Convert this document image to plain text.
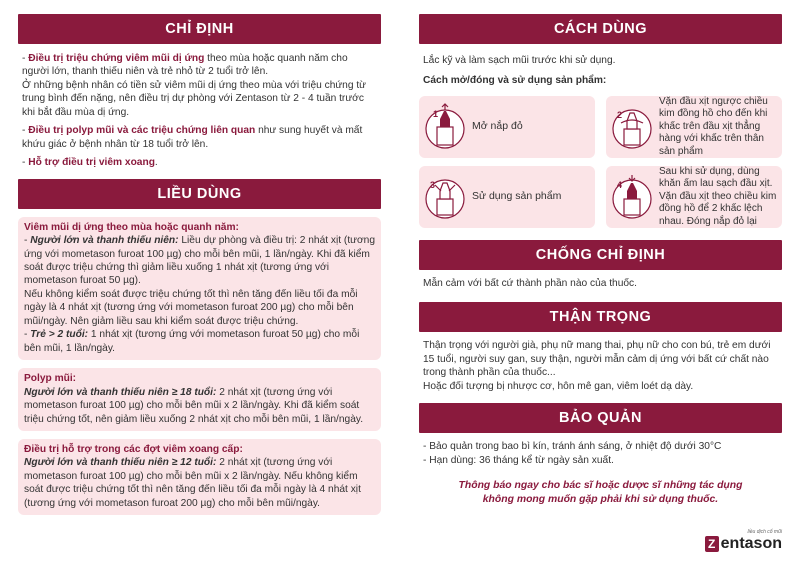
CHỈ ĐỊNH

- Điều trị triệu chứng viêm mũi dị ứng theo mùa hoặc quanh năm cho người lớn, thanh thiếu niên và trẻ nhỏ từ 2 tuổi trở lên.

Ở những bệnh nhân có tiền sử viêm mũi dị ứng theo mùa với triệu chứng từ trung bình đến nặng, nên điều trị dự phòng với Zentason từ 2 - 4 tuần trước khi bắt đầu mùa dị ứng.

- Điều trị polyp mũi và các triệu chứng liên quan như sung huyết và mất khứu giác ở bệnh nhân từ 18 tuổi trở lên.

- Hỗ trợ điều trị viêm xoang.

LIỀU DÙNG
Viêm mũi dị ứng theo mùa hoặc quanh năm:

- Người lớn và thanh thiếu niên: Liều dự phòng và điều trị: 2 nhát xịt (tương ứng với mometason furoat 100 µg) cho mỗi bên mũi, 1 lần/ngày. Khi đã kiểm soát được triệu chứng thì giảm liều xuống 1 nhát xịt (tương ứng với mometason furoat 50 µg).

Nếu không kiểm soát được triệu chứng tốt thì nên tăng đến liều tối đa mỗi ngày là 4 nhát xịt (tương ứng với mometason furoat 200 µg) cho mỗi bên mũi/ngày. Nên giảm liều sau khi kiểm soát được triệu chứng.

- Trẻ > 2 tuổi: 1 nhát xịt (tương ứng với mometason furoat 50 µg) cho mỗi bên mũi, 1 lần/ngày.

Polyp mũi:

Người lớn và thanh thiếu niên ≥ 18 tuổi: 2 nhát xịt (tương ứng với mometason furoat 100 µg) cho mỗi bên mũi x 2 lần/ngày. Khi đã kiểm soát triệu chứng tốt, nên giảm liều xuống 2 nhát xịt cho mỗi bên mũi, 1 lần/ngày.

Điều trị hỗ trợ trong các đợt viêm xoang cấp:

Người lớn và thanh thiếu niên ≥ 12 tuổi: 2 nhát xịt (tương ứng với mometason furoat 100 µg) cho mỗi bên mũi x 2 lần/ngày. Nếu không kiểm soát được triệu chứng tốt thì nên tăng đến liều tối đa mỗi ngày là 4 nhát xịt (tương ứng với mometason furoat 200 µg) cho mỗi bên mũi/ngày.

CÁCH DÙNG

Lắc kỹ và làm sạch mũi trước khi sử dụng.

Cách mở/đóng và sử dụng sản phẩm:

1
Mở nắp đỏ
2
Vặn đầu xịt ngược chiều kim đồng hồ cho đến khi khấc trên đầu xịt thẳng hàng với khấc trên thân sản phẩm
3
Sử dụng sản phẩm
4
Sau khi sử dụng, dùng khăn ấm lau sạch đầu xịt. Vặn đầu xịt theo chiều kim đồng hồ để 2 khấc lệch nhau. Đóng nắp đỏ lại
CHỐNG CHỈ ĐỊNH

Mẫn cảm với bất cứ thành phần nào của thuốc.

THẬN TRỌNG

Thận trọng với người già, phụ nữ mang thai, phụ nữ cho con bú, trẻ em dưới 15 tuổi, người suy gan, suy thận, người mẫn cảm dị ứng với bất cứ chất nào trong thành phần của thuốc...

Hoặc đối tượng bị nhược cơ, hôn mê gan, viêm loét dạ dày.

BẢO QUẢN

- Bảo quản trong bao bì kín, tránh ánh sáng, ở nhiệt độ dưới 30°C

- Hạn dùng: 36 tháng kể từ ngày sản xuất.

Thông báo ngay cho bác sĩ hoặc dược sĩ những tác dụng
không mong muốn gặp phải khi sử dụng thuốc.
liều dịch cổ mũi
Z entason
